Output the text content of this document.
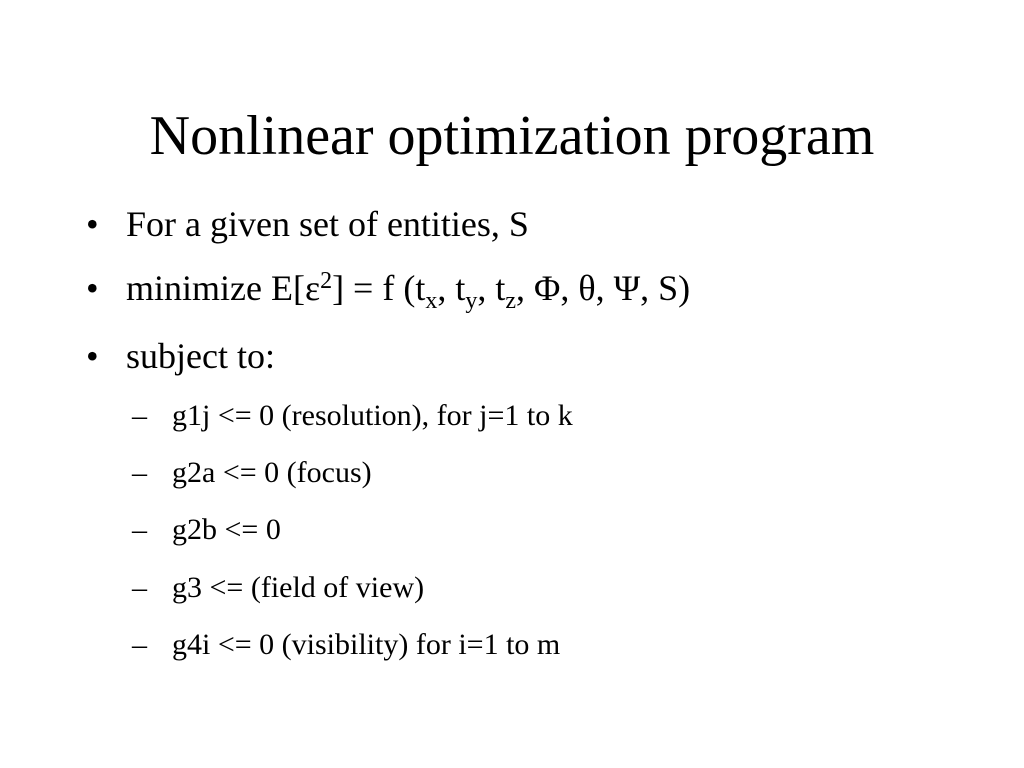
Nonlinear optimization program
• For a given set of entities, S
• minimize $E[\varepsilon^2] = f$ ($t_x$, $t_y$, $t_z$, Φ, θ, Ψ, S)
• subject to:
– g1j <= 0 (resolution), for j=1 to k
– g2a <= 0 (focus)
– g2b <= 0
– g3 <= (field of view)
– g4i <= 0 (visibility) for i=1 to m
